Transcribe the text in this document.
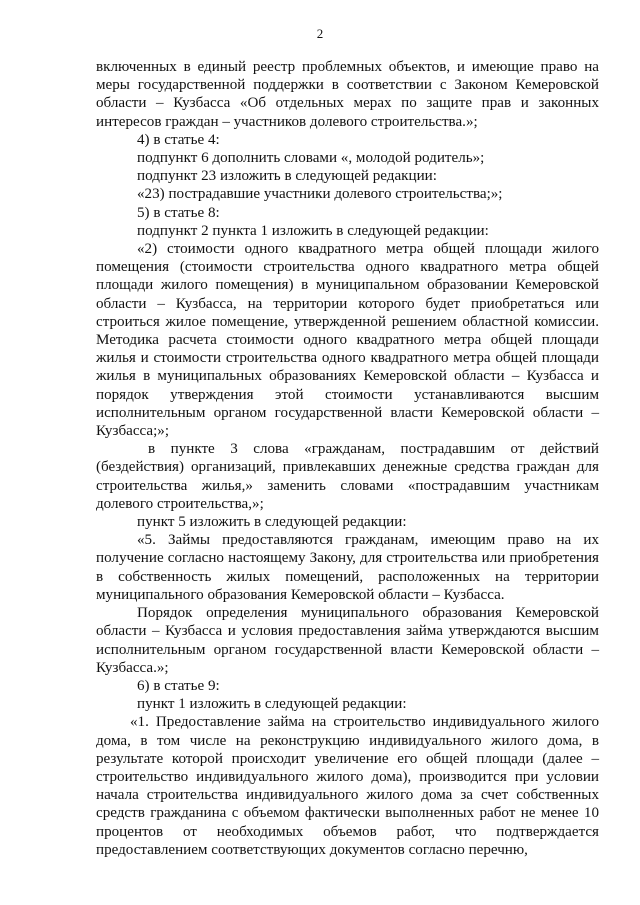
2

включенных в единый реестр проблемных объектов, и имеющие право на меры государственной поддержки в соответствии с Законом Кемеровской области – Кузбасса «Об отдельных мерах по защите прав и законных интересов граждан – участников долевого строительства.»;

4) в статье 4:

подпункт 6 дополнить словами «, молодой родитель»;

подпункт 23 изложить в следующей редакции:

«23) пострадавшие участники долевого строительства;»;

5) в статье 8:

подпункт 2 пункта 1 изложить в следующей редакции:

«2) стоимости одного квадратного метра общей площади жилого помещения (стоимости строительства одного квадратного метра общей площади жилого помещения) в муниципальном образовании Кемеровской области – Кузбасса, на территории которого будет приобретаться или строиться жилое помещение, утвержденной решением областной комиссии. Методика расчета стоимости одного квадратного метра общей площади жилья и стоимости строительства одного квадратного метра общей площади жилья в муниципальных образованиях Кемеровской области – Кузбасса и порядок утверждения этой стоимости устанавливаются высшим исполнительным органом государственной власти Кемеровской области – Кузбасса;»;

в пункте 3 слова «гражданам, пострадавшим от действий (бездействия) организаций, привлекавших денежные средства граждан для строительства жилья,» заменить словами «пострадавшим участникам долевого строительства,»;

пункт 5 изложить в следующей редакции:

«5. Займы предоставляются гражданам, имеющим право на их получение согласно настоящему Закону, для строительства или приобретения в собственность жилых помещений, расположенных на территории муниципального образования Кемеровской области – Кузбасса.

Порядок определения муниципального образования Кемеровской области – Кузбасса и условия предоставления займа утверждаются высшим исполнительным органом государственной власти Кемеровской области – Кузбасса.»;

6) в статье 9:

пункт 1 изложить в следующей редакции:

«1. Предоставление займа на строительство индивидуального жилого дома, в том числе на реконструкцию индивидуального жилого дома, в результате которой происходит увеличение его общей площади (далее – строительство индивидуального жилого дома), производится при условии начала строительства индивидуального жилого дома за счет собственных средств гражданина с объемом фактически выполненных работ не менее 10 процентов от необходимых объемов работ, что подтверждается предоставлением соответствующих документов согласно перечню,
